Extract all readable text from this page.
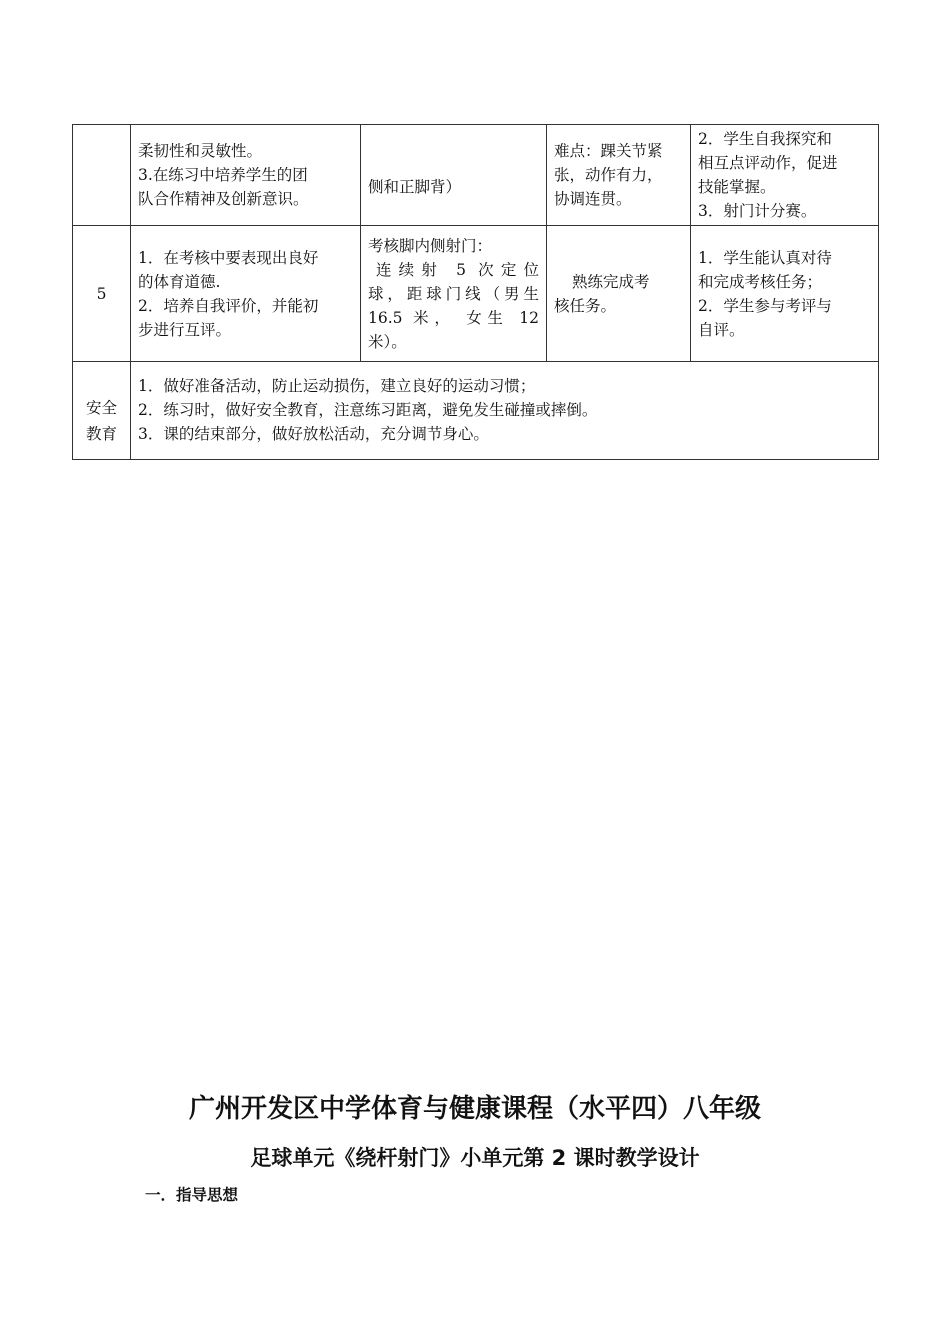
	柔韧性和灵敏性。
3.在练习中培养学生的团
队合作精神及创新意识。	侧和正脚背）	难点：踝关节紧
张，动作有力，
协调连贯。	2．学生自我探究和
相互点评动作，促进
技能掌握。
3．射门计分赛。

5	1．在考核中要表现出良好
的体育道德.
2．培养自我评价，并能初
步进行互评。	考核脚内侧射门：
连续射 5 次定位
球，距球门线（男生
16.5 米， 女生 12
米）。	熟练完成考
核任务。	1．学生能认真对待
和完成考核任务；
2．学生参与考评与
自评。

安全
教育	1．做好准备活动，防止运动损伤，建立良好的运动习惯；
2．练习时，做好安全教育，注意练习距离，避免发生碰撞或摔倒。
3．课的结束部分，做好放松活动，充分调节身心。			
广州开发区中学体育与健康课程（水平四）八年级
足球单元《绕杆射门》小单元第 2 课时教学设计
一．指导思想
